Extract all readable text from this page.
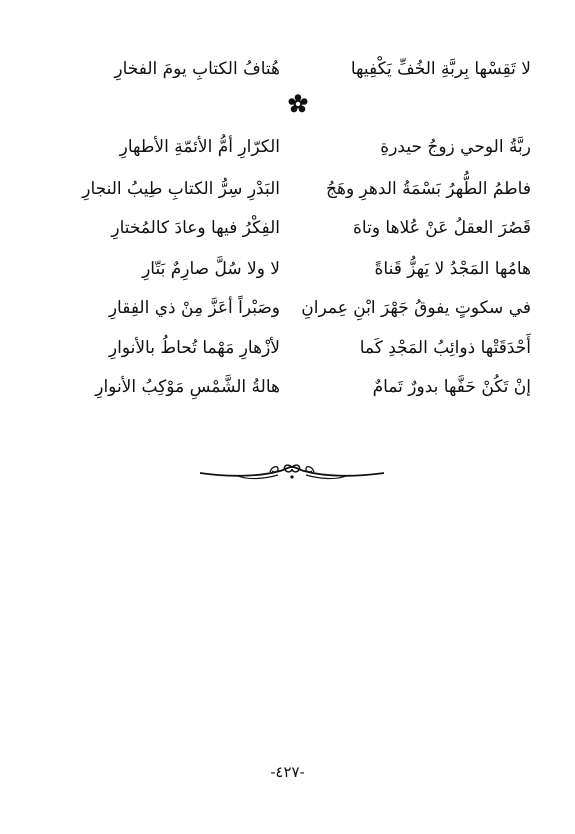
لا تَقِسْها بِربَّةِ الخُفِّ يَكْفِيها
هُتافُ الكتابِ يومَ الفخارِ
ربَّةُ الوحي زوجُ حيدرةِ
الكرّارِ أمُّ الأئمّةِ الأطهارِ
فاطمُ الطُّهرُ بَسْمَةُ الدهرِ وهَجُ
البَدْرِ سِرُّ الكتابِ طِيبُ النجارِ
قَصُرَ العقلُ عَنْ عُلاها وتاهَ
الفِكْرُ فيها وعادَ كالمُختارِ
هامُها المَجْدُ لا يَهزُّ قَناةً
لا ولا سُلَّ صارِمٌ بَتّارِ
في سكوتٍ يفوقُ جَهْرَ ابْنِ عِمرانِ
وصَبْراً أعَزَّ مِنْ ذي الفِقارِ
أَحْدَقَتْها ذوائِبُ المَجْدِ كَما
لأزْهارِ مَهْما تُحاطُ بالأنوارِ
إنْ تَكُنْ حَفَّها بدورٌ تَمامٌ
هالةُ الشَّمْسِ مَوْكِبُ الأنوارِ
-٤٢٧-
